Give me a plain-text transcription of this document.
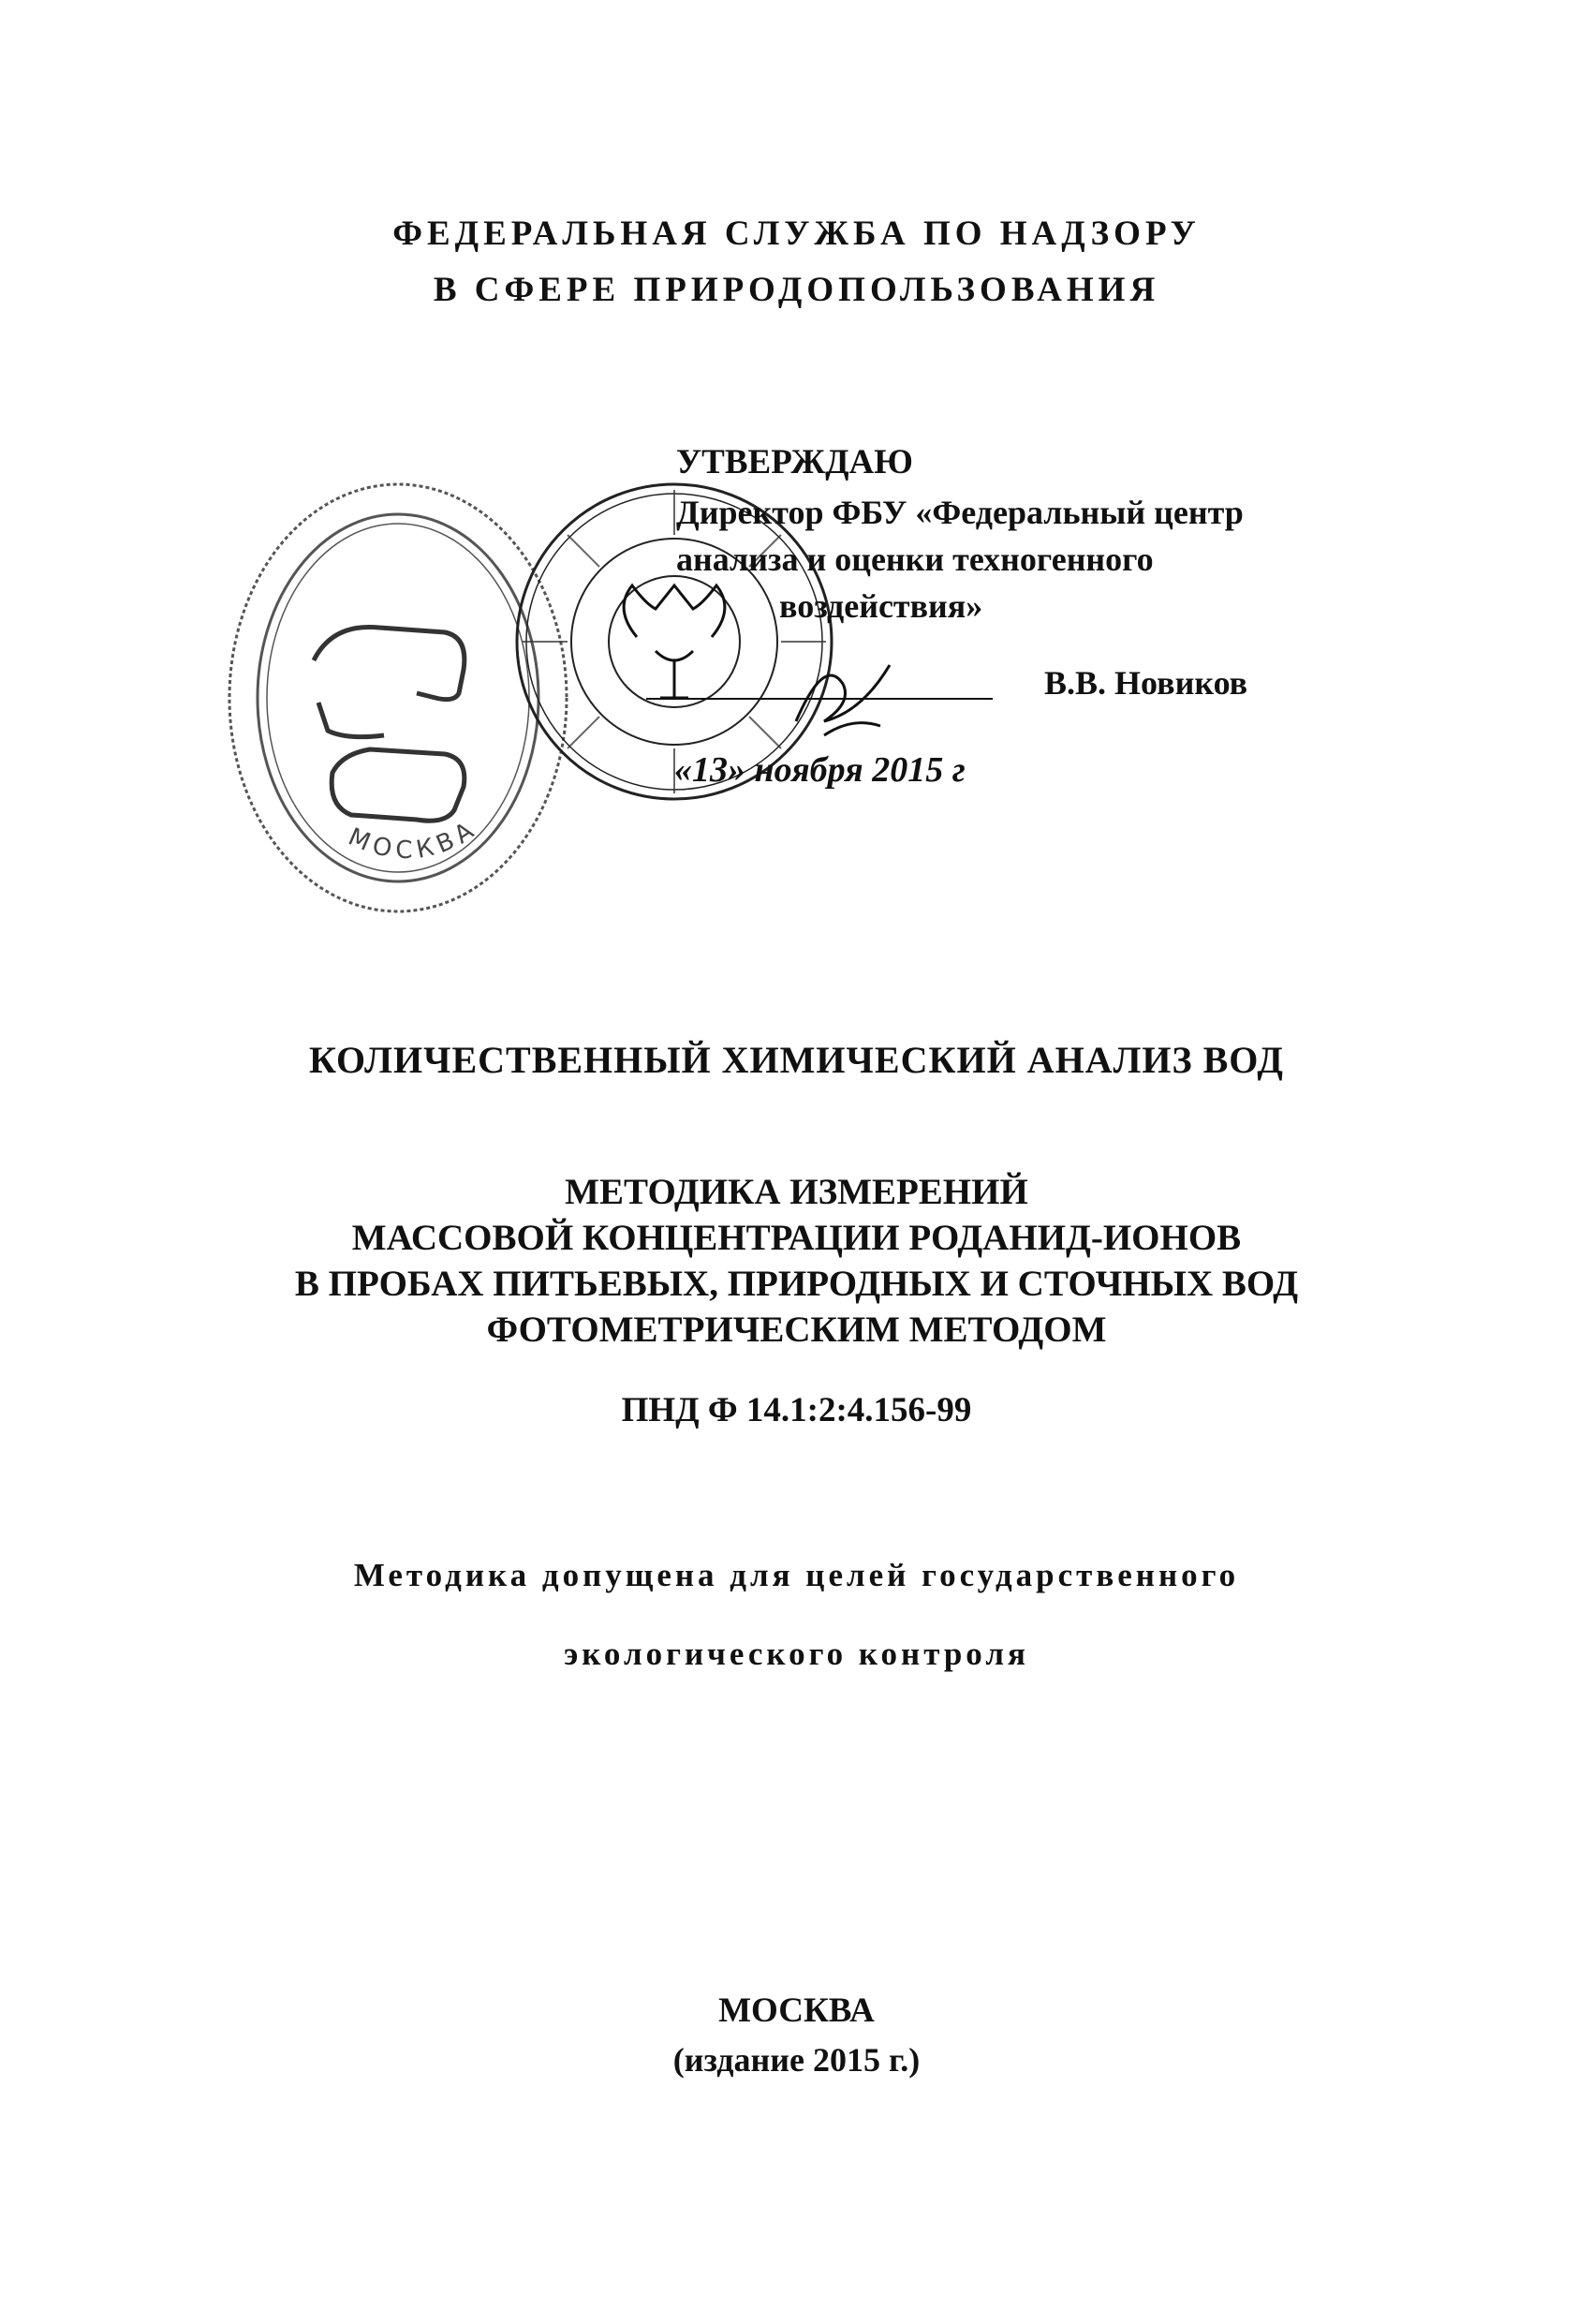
ФЕДЕРАЛЬНАЯ СЛУЖБА ПО НАДЗОРУ
В СФЕРЕ ПРИРОДОПОЛЬЗОВАНИЯ
МОСКВА
УТВЕРЖДАЮ
Директор ФБУ «Федеральный центр
анализа и оценки техногенного
воздействия»
В.В. Новиков
«13» ноября 2015 г
КОЛИЧЕСТВЕННЫЙ ХИМИЧЕСКИЙ АНАЛИЗ ВОД
МЕТОДИКА ИЗМЕРЕНИЙ
МАССОВОЙ КОНЦЕНТРАЦИИ РОДАНИД-ИОНОВ
В ПРОБАХ ПИТЬЕВЫХ, ПРИРОДНЫХ И СТОЧНЫХ ВОД
ФОТОМЕТРИЧЕСКИМ МЕТОДОМ
ПНД Ф 14.1:2:4.156-99
Методика допущена для целей государственного
экологического контроля
МОСКВА
(издание 2015 г.)
